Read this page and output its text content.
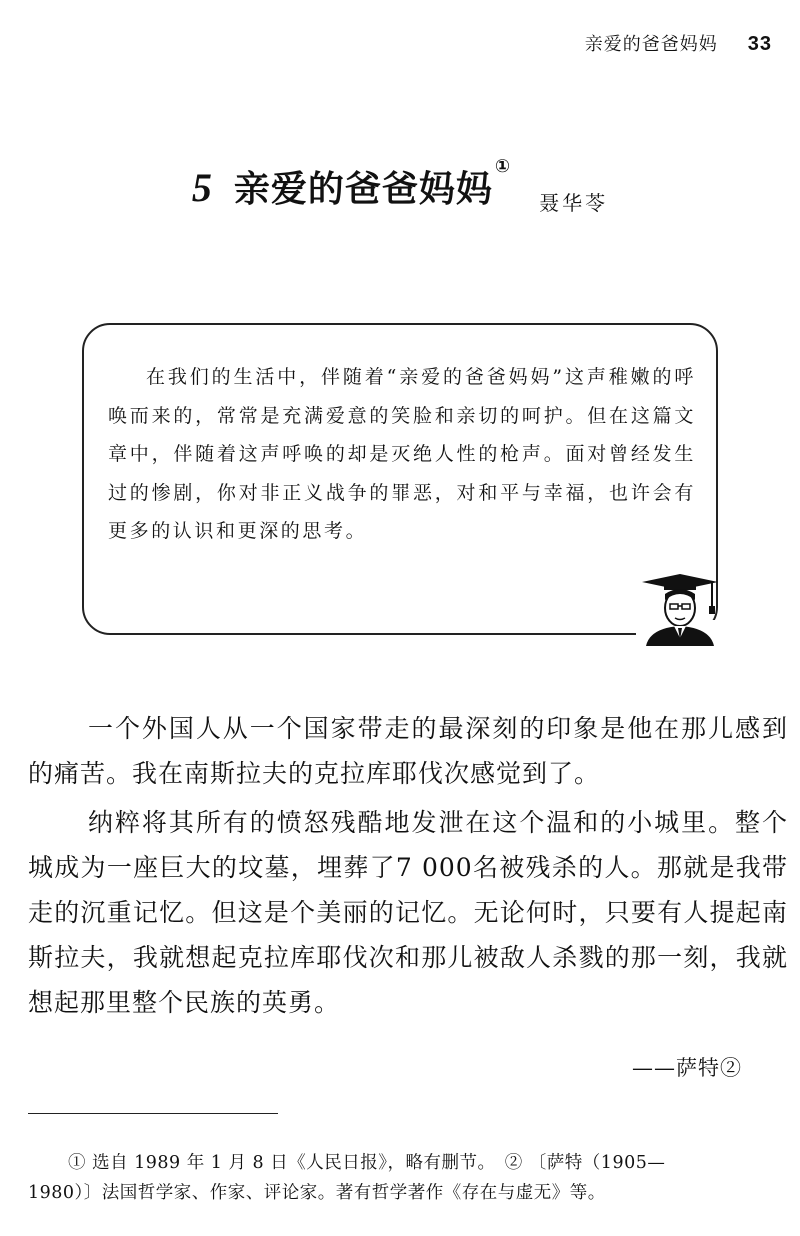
亲爱的爸爸妈妈 33
5 亲爱的爸爸妈妈①
聂华苓
在我们的生活中，伴随着“亲爱的爸爸妈妈”这声稚嫩的呼唤而来的，常常是充满爱意的笑脸和亲切的呵护。但在这篇文章中，伴随着这声呼唤的却是灭绝人性的枪声。面对曾经发生过的惨剧，你对非正义战争的罪恶，对和平与幸福，也许会有更多的认识和更深的思考。

一个外国人从一个国家带走的最深刻的印象是他在那儿感到的痛苦。我在南斯拉夫的克拉库耶伐次感觉到了。

纳粹将其所有的愤怒残酷地发泄在这个温和的小城里。整个城成为一座巨大的坟墓，埋葬了7 000名被残杀的人。那就是我带走的沉重记忆。但这是个美丽的记忆。无论何时，只要有人提起南斯拉夫，我就想起克拉库耶伐次和那儿被敌人杀戮的那一刻，我就想起那里整个民族的英勇。

——萨特②
① 选自 1989 年 1 月 8 日《人民日报》，略有删节。　② 〔萨特（1905—
1980）〕法国哲学家、作家、评论家。著有哲学著作《存在与虚无》等。
